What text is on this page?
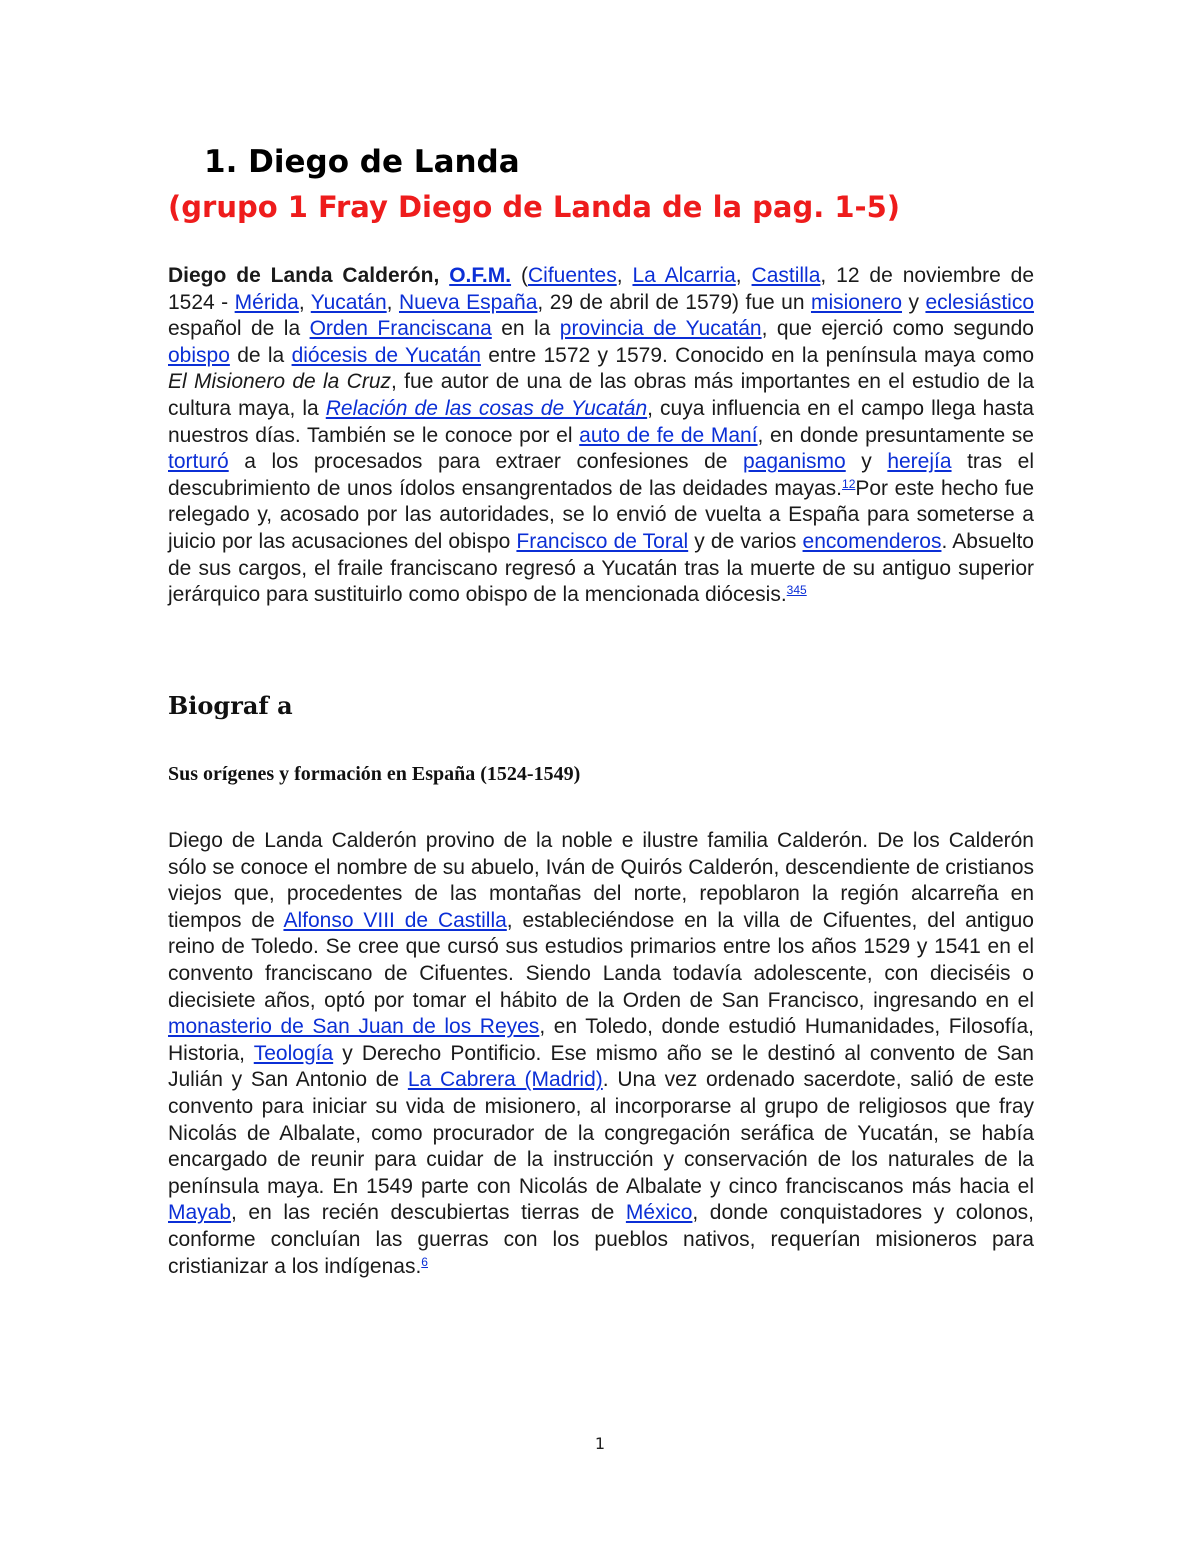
1. Diego de Landa
(grupo 1 Fray Diego de Landa de la pag. 1-5)

Diego de Landa Calderón, O.F.M. (Cifuentes, La Alcarria, Castilla, 12 de noviembre de 1524 - Mérida, Yucatán, Nueva España, 29 de abril de 1579) fue un misionero y eclesiástico español de la Orden Franciscana en la provincia de Yucatán, que ejerció como segundo obispo de la diócesis de Yucatán entre 1572 y 1579. Conocido en la península maya como El Misionero de la Cruz, fue autor de una de las obras más importantes en el estudio de la cultura maya, la Relación de las cosas de Yucatán, cuya influencia en el campo llega hasta nuestros días. También se le conoce por el auto de fe de Maní, en donde presuntamente se torturó a los procesados para extraer confesiones de paganismo y herejía tras el descubrimiento de unos ídolos ensangrentados de las deidades mayas.$^{12}$Por este hecho fue relegado y, acosado por las autoridades, se lo envió de vuelta a España para someterse a juicio por las acusaciones del obispo Francisco de Toral y de varios encomenderos. Absuelto de sus cargos, el fraile franciscano regresó a Yucatán tras la muerte de su antiguo superior jerárquico para sustituirlo como obispo de la mencionada diócesis.$^{345}$

Biograf a
Sus orígenes y formación en España (1524-1549)

Diego de Landa Calderón provino de la noble e ilustre familia Calderón. De los Calderón sólo se conoce el nombre de su abuelo, Iván de Quirós Calderón, descendiente de cristianos viejos que, procedentes de las montañas del norte, repoblaron la región alcarreña en tiempos de Alfonso VIII de Castilla, estableciéndose en la villa de Cifuentes, del antiguo reino de Toledo. Se cree que cursó sus estudios primarios entre los años 1529 y 1541 en el convento franciscano de Cifuentes. Siendo Landa todavía adolescente, con dieciséis o diecisiete años, optó por tomar el hábito de la Orden de San Francisco, ingresando en el monasterio de San Juan de los Reyes, en Toledo, donde estudió Humanidades, Filosofía, Historia, Teología y Derecho Pontificio. Ese mismo año se le destinó al convento de San Julián y San Antonio de La Cabrera (Madrid). Una vez ordenado sacerdote, salió de este convento para iniciar su vida de misionero, al incorporarse al grupo de religiosos que fray Nicolás de Albalate, como procurador de la congregación seráfica de Yucatán, se había encargado de reunir para cuidar de la instrucción y conservación de los naturales de la península maya. En 1549 parte con Nicolás de Albalate y cinco franciscanos más hacia el Mayab, en las recién descubiertas tierras de México, donde conquistadores y colonos, conforme concluían las guerras con los pueblos nativos, requerían misioneros para cristianizar a los indígenas.$^6$

1
